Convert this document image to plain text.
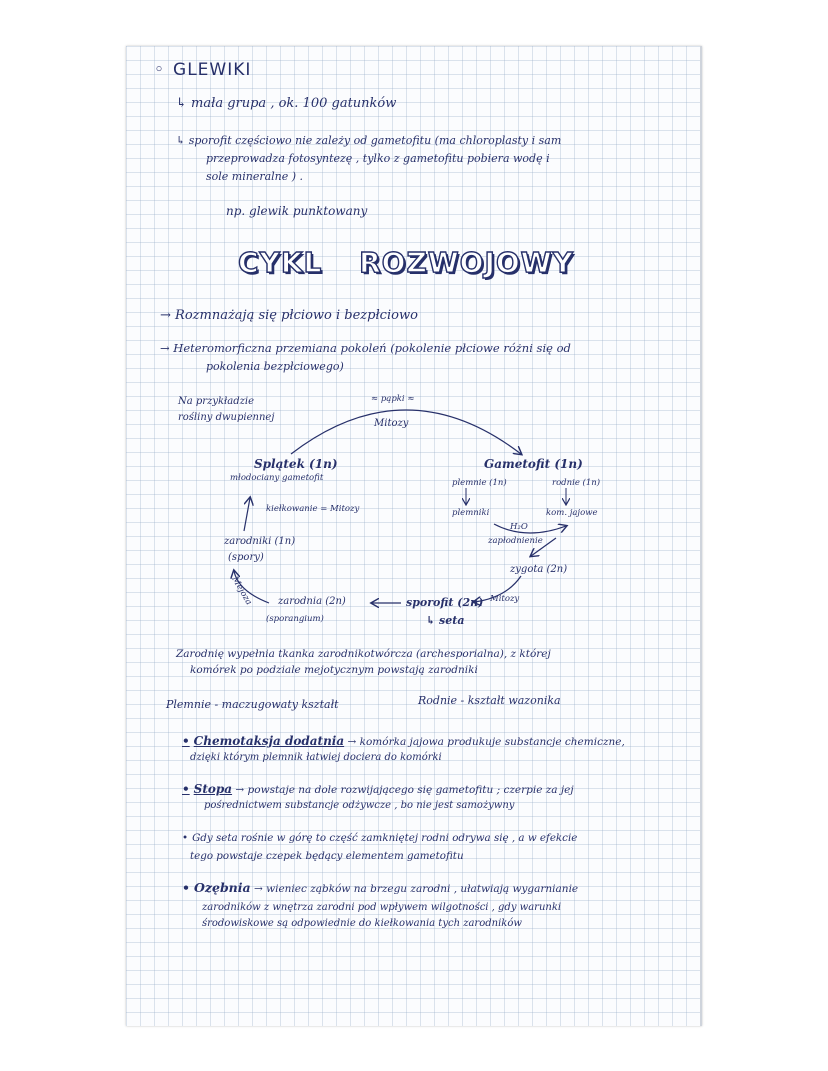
◦ GLEWIKI
↳ mała grupa , ok. 100 gatunków
↳ sporofit częściowo nie zależy od gametofitu (ma chloroplasty i sam
przeprowadza fotosyntezę , tylko z gametofitu pobiera wodę i
sole mineralne ) .
np. glewik punktowany
CYKL ROZWOJOWY
→ Rozmnażają się płciowo i bezpłciowo
→ Heteromorficzna przemiana pokoleń (pokolenie płciowe różni się od
pokolenia bezpłciowego)
Na przykładzie
rośliny dwupiennej
≈ pąpki ≈
Mitozy
Splątek (1n)
młodociany gametofit
kiełkowanie = Mitozy
Gametofit (1n)
plemnie (1n)	rodnie (1n)
plemniki	kom. jajowe
H₂O
zapłodnienie
zygota (2n)
Mitozy
zarodniki (1n)
(spory)
Mejoza zarodnia (2n)
(sporangium)
sporofit (2n)
↳ seta
Zarodnię wypełnia tkanka zarodnikotwórcza (archesporialna), z której
komórek po podziale mejotycznym powstają zarodniki
Plemnie - maczugowaty kształt	Rodnie - kształt wazonika
• Chemotaksja dodatnia → komórka jajowa produkuje substancje chemiczne,
dzięki którym plemnik łatwiej dociera do komórki
• Stopa → powstaje na dole rozwijającego się gametofitu ; czerpie za jej
pośrednictwem substancje odżywcze , bo nie jest samożywny
• Gdy seta rośnie w górę to część zamkniętej rodni odrywa się , a w efekcie
tego powstaje czepek będący elementem gametofitu
• Ozębnia → wieniec ząbków na brzegu zarodni , ułatwiają wygarnianie
zarodników z wnętrza zarodni pod wpływem wilgotności , gdy warunki
środowiskowe są odpowiednie do kiełkowania tych zarodników
